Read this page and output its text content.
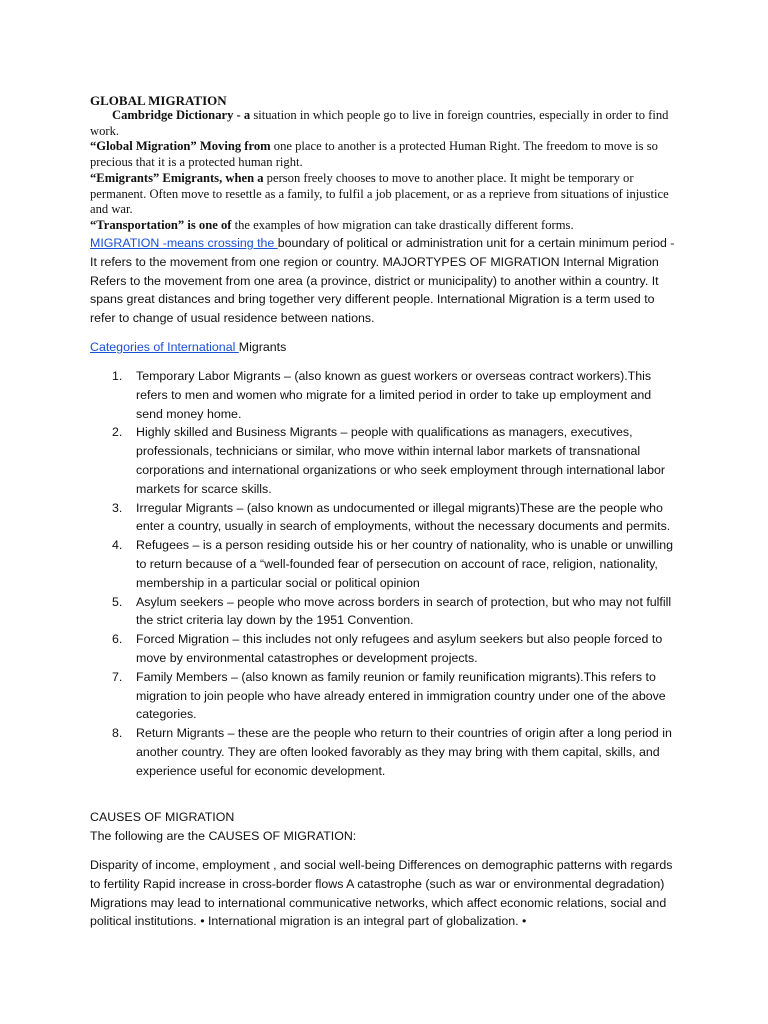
GLOBAL MIGRATION

Cambridge Dictionary - a situation in which people go to live in foreign countries, especially in order to find work.

“Global Migration” Moving from one place to another is a protected Human Right. The freedom to move is so precious that it is a protected human right.

“Emigrants” Emigrants, when a person freely chooses to move to another place. It might be temporary or permanent. Often move to resettle as a family, to fulfil a job placement, or as a reprieve from situations of injustice and war.

“Transportation” is one of the examples of how migration can take drastically different forms.

MIGRATION -means crossing the boundary of political or administration unit for a certain minimum period -It refers to the movement from one region or country. MAJORTYPES OF MIGRATION Internal Migration Refers to the movement from one area (a province, district or municipality) to another within a country. It spans great distances and bring together very different people. International Migration is a term used to refer to change of usual residence between nations.

Categories of International Migrants

1. Temporary Labor Migrants – (also known as guest workers or overseas contract workers).This refers to men and women who migrate for a limited period in order to take up employment and send money home.
2. Highly skilled and Business Migrants – people with qualifications as managers, executives, professionals, technicians or similar, who move within internal labor markets of transnational corporations and international organizations or who seek employment through international labor markets for scarce skills.
3. Irregular Migrants – (also known as undocumented or illegal migrants)These are the people who enter a country, usually in search of employments, without the necessary documents and permits.
4. Refugees – is a person residing outside his or her country of nationality, who is unable or unwilling to return because of a “well-founded fear of persecution on account of race, religion, nationality, membership in a particular social or political opinion
5. Asylum seekers – people who move across borders in search of protection, but who may not fulfill the strict criteria lay down by the 1951 Convention.
6. Forced Migration – this includes not only refugees and asylum seekers but also people forced to move by environmental catastrophes or development projects.
7. Family Members – (also known as family reunion or family reunification migrants).This refers to migration to join people who have already entered in immigration country under one of the above categories.
8. Return Migrants – these are the people who return to their countries of origin after a long period in another country. They are often looked favorably as they may bring with them capital, skills, and experience useful for economic development.

CAUSES OF MIGRATION

The following are the CAUSES OF MIGRATION:

Disparity of income, employment , and social well-being Differences on demographic patterns with regards to fertility Rapid increase in cross-border flows A catastrophe (such as war or environmental degradation) Migrations may lead to international communicative networks, which affect economic relations, social and political institutions. • International migration is an integral part of globalization. •
